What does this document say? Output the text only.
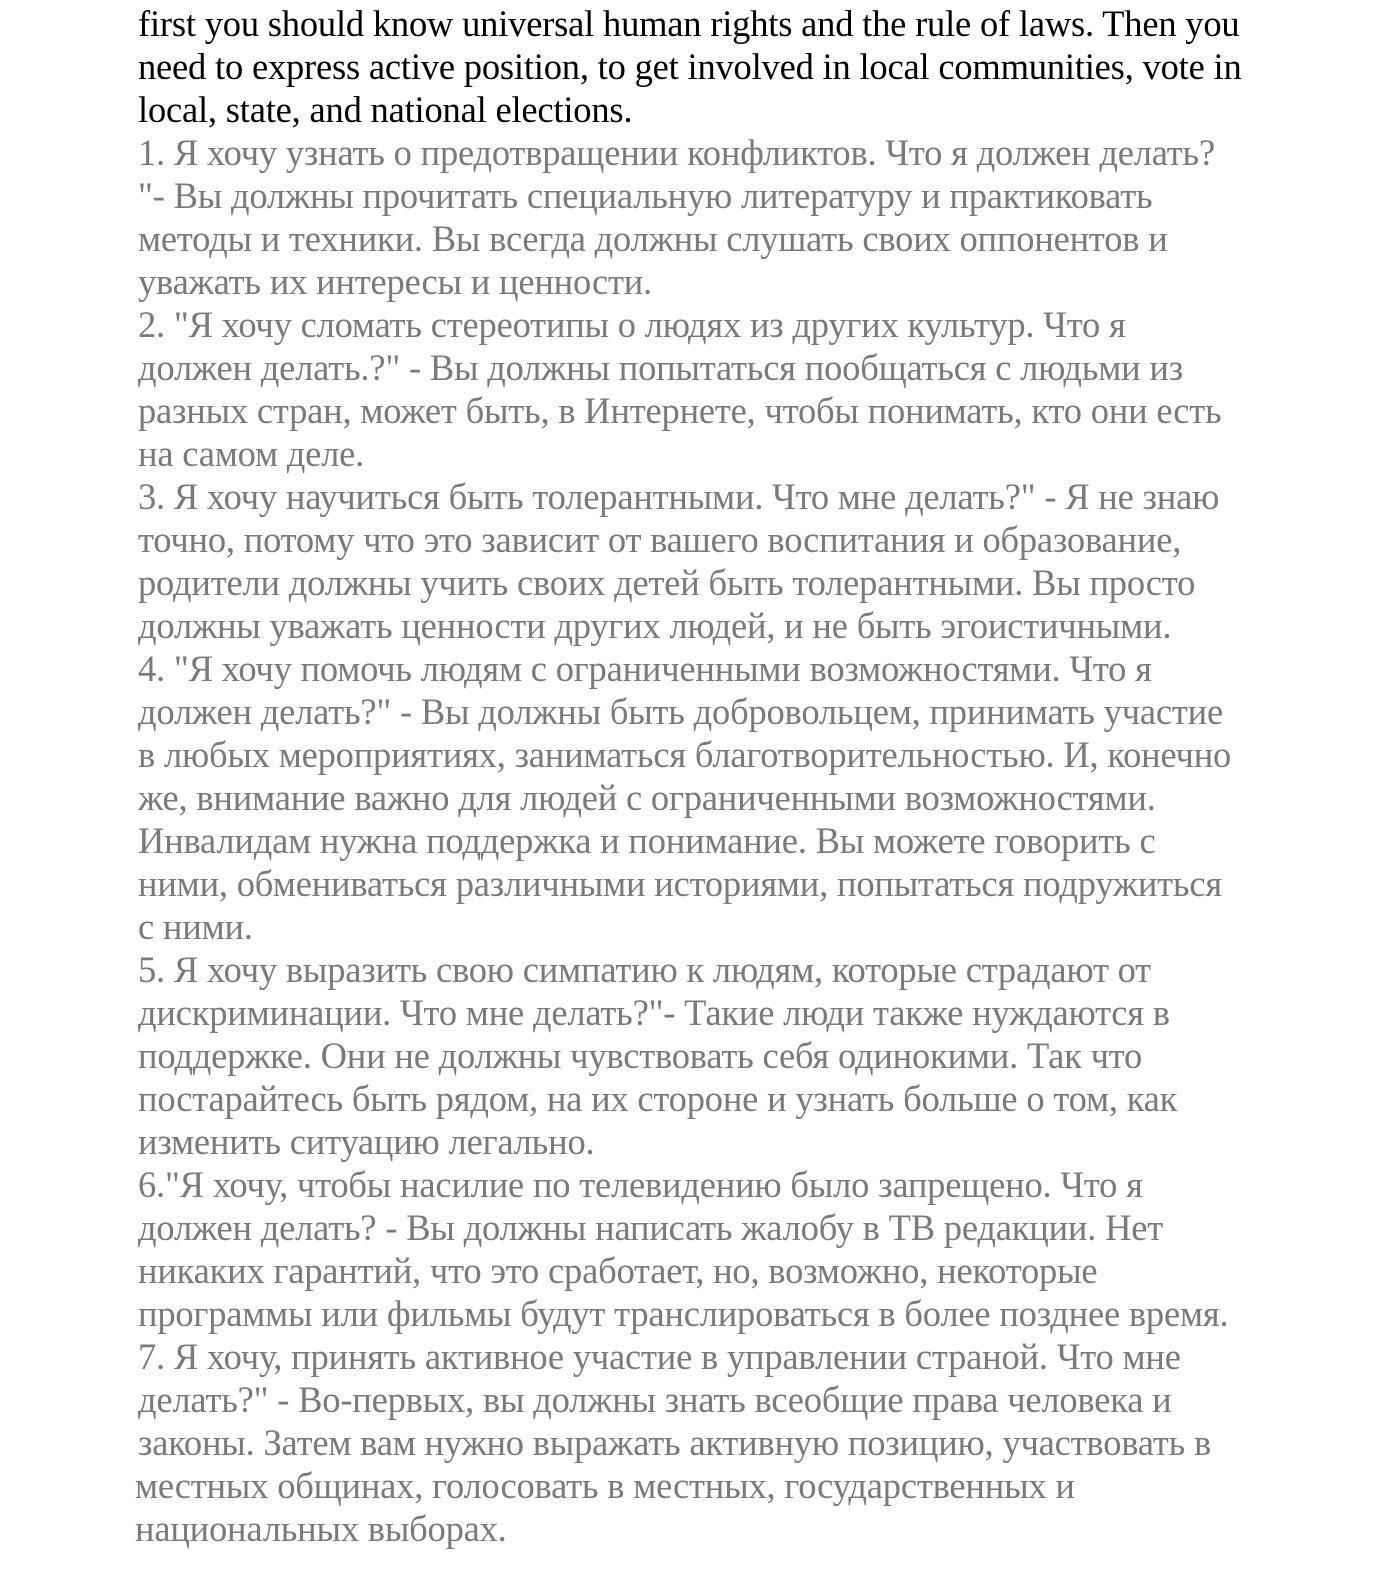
first you should know universal human rights and the rule of laws. Then you
need to express active position, to get involved in local communities, vote in
local, state, and national elections.
1. Я хочу узнать о предотвращении конфликтов. Что я должен делать?
"- Вы должны прочитать специальную литературу и практиковать
методы и техники. Вы всегда должны слушать своих оппонентов и
уважать их интересы и ценности.
2. "Я хочу сломать стереотипы о людях из других культур. Что я
должен делать.?" - Вы должны попытаться пообщаться с людьми из
разных стран, может быть, в Интернете, чтобы понимать, кто они есть
на самом деле.
3. Я хочу научиться быть толерантными. Что мне делать?" - Я не знаю
точно, потому что это зависит от вашего воспитания и образование,
родители должны учить своих детей быть толерантными. Вы просто
должны уважать ценности других людей, и не быть эгоистичными.
4. "Я хочу помочь людям с ограниченными возможностями. Что я
должен делать?" - Вы должны быть добровольцем, принимать участие
в любых мероприятиях, заниматься благотворительностью. И, конечно
же, внимание важно для людей с ограниченными возможностями.
Инвалидам нужна поддержка и понимание. Вы можете говорить с
ними, обмениваться различными историями, попытаться подружиться
с ними.
5. Я хочу выразить свою симпатию к людям, которые страдают от
дискриминации. Что мне делать?"- Такие люди также нуждаются в
поддержке. Они не должны чувствовать себя одинокими. Так что
постарайтесь быть рядом, на их стороне и узнать больше о том, как
изменить ситуацию легально.
6."Я хочу, чтобы насилие по телевидению было запрещено. Что я
должен делать? - Вы должны написать жалобу в ТВ редакции. Нет
никаких гарантий, что это сработает, но, возможно, некоторые
программы или фильмы будут транслироваться в более позднее время.
7. Я хочу, принять активное участие в управлении страной. Что мне
делать?" - Во-первых, вы должны знать всеобщие права человека и
законы. Затем вам нужно выражать активную позицию, участвовать в
местных общинах, голосовать в местных, государственных и
национальных выборах.
